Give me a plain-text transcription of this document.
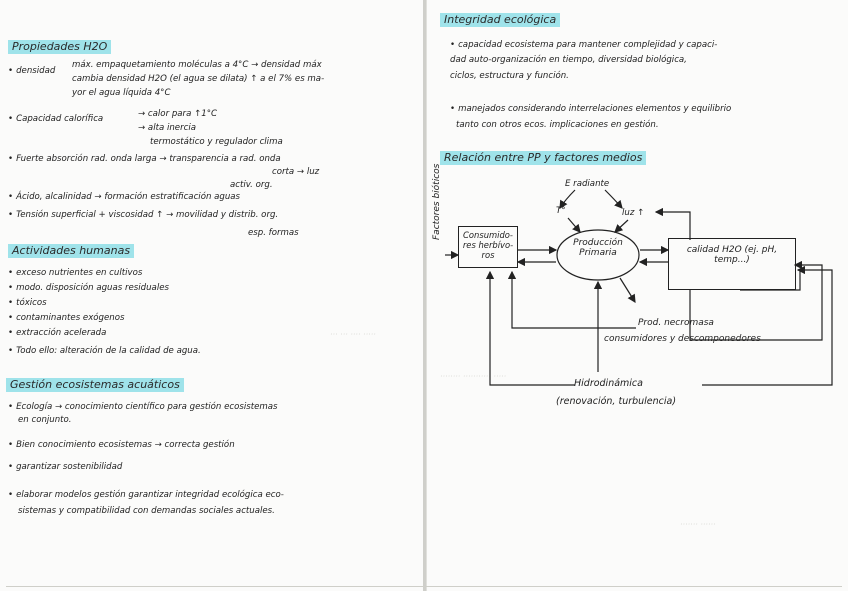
··· ··· ···· ·····
········ ··········· ·····
······· ······
Propiedades H2O
• densidad
máx. empaquetamiento moléculas a 4°C → densidad máx
cambia densidad H2O (el agua se dilata) ↑ a el 7% es ma-
yor el agua líquida 4°C
• Capacidad calorífica	→ calor para ↑1°C
→ alta inercia
termostático y regulador clima
• Fuerte absorción rad. onda larga → transparencia a rad. onda
corta → luz
activ. org.
• Ácido, alcalinidad → formación estratificación aguas
• Tensión superficial + viscosidad ↑ → movilidad y distrib. org.
esp. formas
Actividades humanas
• exceso nutrientes en cultivos
• modo. disposición aguas residuales
• tóxicos
• contaminantes exógenos
• extracción acelerada
• Todo ello: alteración de la calidad de agua.
Gestión ecosistemas acuáticos
• Ecología → conocimiento científico para gestión ecosistemas
en conjunto.
• Bien conocimiento ecosistemas → correcta gestión
• garantizar sostenibilidad
• elaborar modelos gestión garantizar integridad ecológica eco-
sistemas y compatibilidad con demandas sociales actuales.
Integridad ecológica
• capacidad ecosistema para mantener complejidad y capaci-
dad auto-organización en tiempo, diversidad biológica,
ciclos, estructura y función.
• manejados considerando interrelaciones elementos y equilibrio
tanto con otros ecos. implicaciones en gestión.
Relación entre PP y factores medios
Factores bióticos	E radiante
T°	luz ↑
Consumido- res herbívo- ros
Producción Primaria	calidad H2O (ej. pH, temp...)
Prod. necromasa
consumidores y descomponedores
Hidrodinámica
(renovación, turbulencia)
